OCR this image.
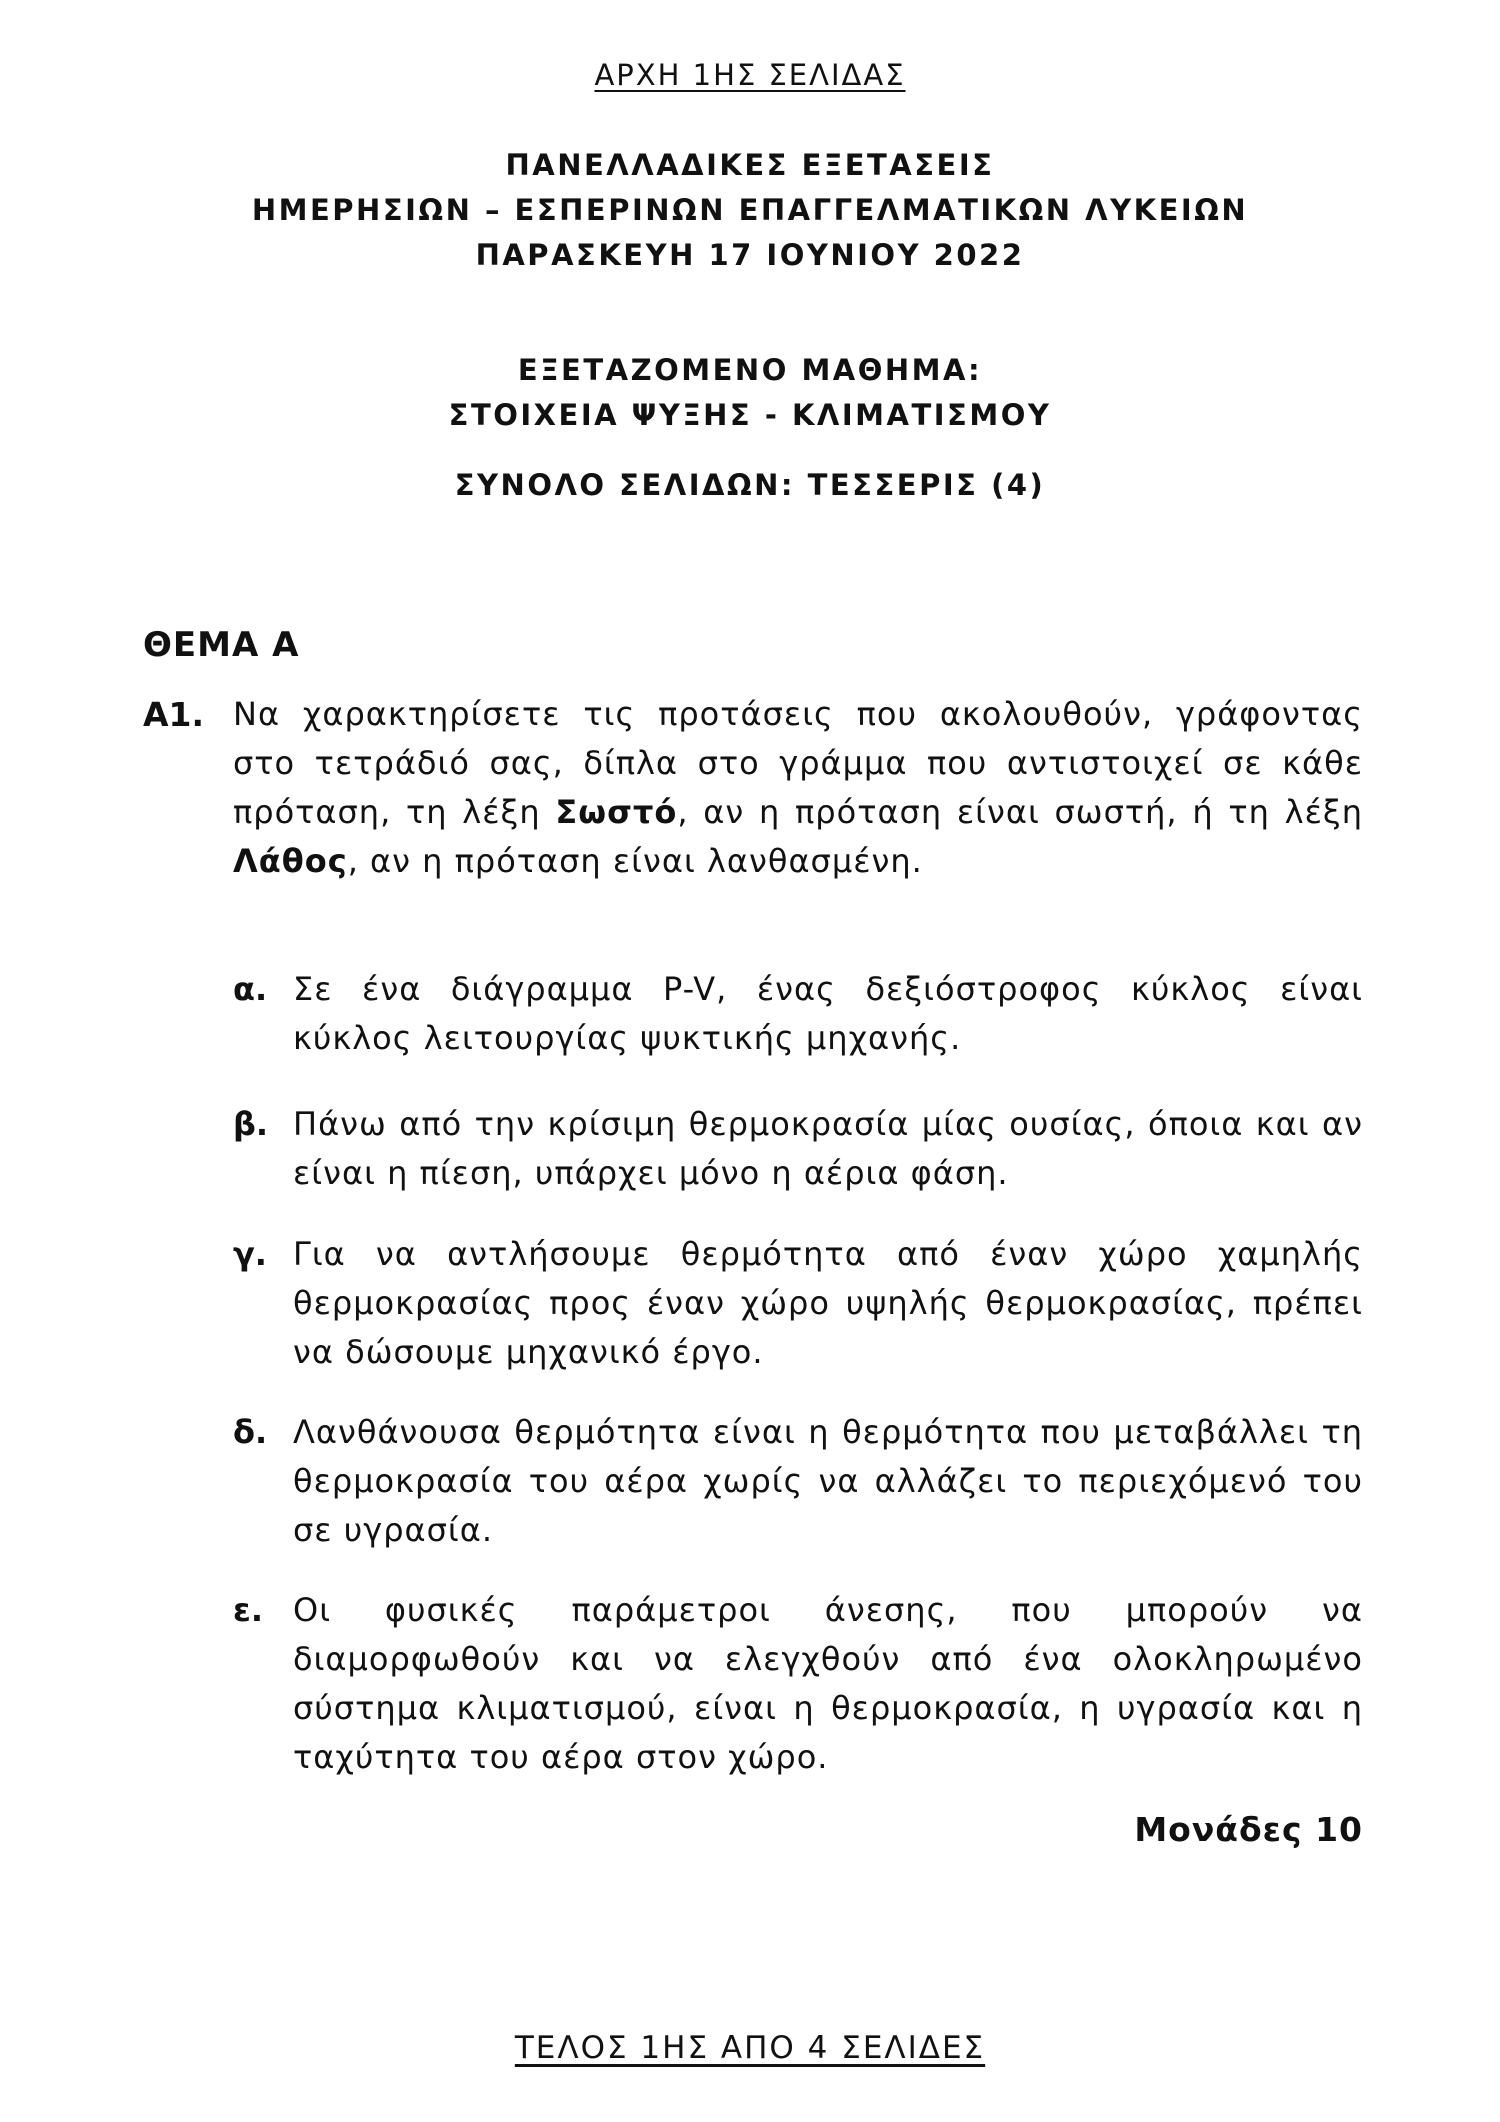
ΑΡΧΗ 1ΗΣ ΣΕΛΙΔΑΣ
ΠΑΝΕΛΛΑΔΙΚΕΣ ΕΞΕΤΑΣΕΙΣ
ΗΜΕΡΗΣΙΩΝ – ΕΣΠΕΡΙΝΩΝ ΕΠΑΓΓΕΛΜΑΤΙΚΩΝ ΛΥΚΕΙΩΝ
ΠΑΡΑΣΚΕΥΗ 17 ΙΟΥΝΙΟΥ 2022
ΕΞΕΤΑΖΟΜΕΝΟ ΜΑΘΗΜΑ:
ΣΤΟΙΧΕΙΑ ΨΥΞΗΣ - ΚΛΙΜΑΤΙΣΜΟΥ
ΣΥΝΟΛΟ ΣΕΛΙΔΩΝ: ΤΕΣΣΕΡΙΣ (4)
ΘΕΜΑ Α
Α1. Να χαρακτηρίσετε τις προτάσεις που ακολουθούν, γράφοντας στο τετράδιό σας, δίπλα στο γράμμα που αντιστοιχεί σε κάθε πρόταση, τη λέξη Σωστό, αν η πρόταση είναι σωστή, ή τη λέξη Λάθος, αν η πρόταση είναι λανθασμένη.
α. Σε ένα διάγραμμα P-V, ένας δεξιόστροφος κύκλος είναι κύκλος λειτουργίας ψυκτικής μηχανής.
β. Πάνω από την κρίσιμη θερμοκρασία μίας ουσίας, όποια και αν είναι η πίεση, υπάρχει μόνο η αέρια φάση.
γ. Για να αντλήσουμε θερμότητα από έναν χώρο χαμηλής θερμοκρασίας προς έναν χώρο υψηλής θερμοκρασίας, πρέπει να δώσουμε μηχανικό έργο.
δ. Λανθάνουσα θερμότητα είναι η θερμότητα που μεταβάλλει τη θερμοκρασία του αέρα χωρίς να αλλάζει το περιεχόμενό του σε υγρασία.
ε. Οι φυσικές παράμετροι άνεσης, που μπορούν να διαμορφωθούν και να ελεγχθούν από ένα ολοκληρωμένο σύστημα κλιματισμού, είναι η θερμοκρασία, η υγρασία και η ταχύτητα του αέρα στον χώρο.
Μονάδες 10
ΤΕΛΟΣ 1ΗΣ ΑΠΟ 4 ΣΕΛΙΔΕΣ
